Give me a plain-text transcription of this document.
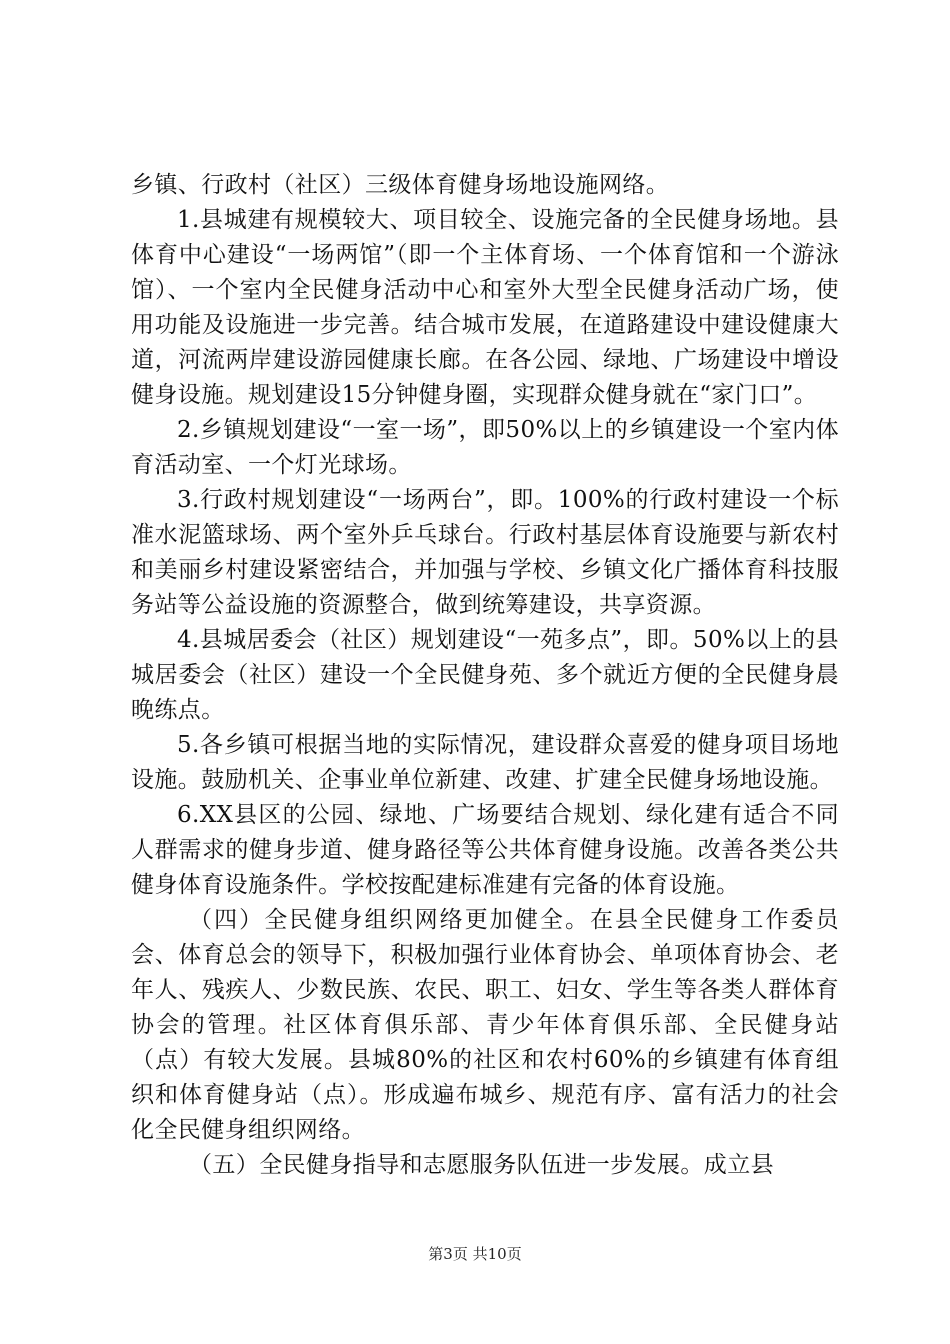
乡镇、行政村（社区）三级体育健身场地设施网络。

1.县城建有规模较大、项目较全、设施完备的全民健身场地。县体育中心建设“一场两馆”（即一个主体育场、一个体育馆和一个游泳馆）、一个室内全民健身活动中心和室外大型全民健身活动广场，使用功能及设施进一步完善。结合城市发展，在道路建设中建设健康大道，河流两岸建设游园健康长廊。在各公园、绿地、广场建设中增设健身设施。规划建设15分钟健身圈，实现群众健身就在“家门口”。

2.乡镇规划建设“一室一场”，即50%以上的乡镇建设一个室内体育活动室、一个灯光球场。

3.行政村规划建设“一场两台”，即。100%的行政村建设一个标准水泥篮球场、两个室外乒乓球台。行政村基层体育设施要与新农村和美丽乡村建设紧密结合，并加强与学校、乡镇文化广播体育科技服务站等公益设施的资源整合，做到统筹建设，共享资源。

4.县城居委会（社区）规划建设“一苑多点”，即。50%以上的县城居委会（社区）建设一个全民健身苑、多个就近方便的全民健身晨晚练点。

5.各乡镇可根据当地的实际情况，建设群众喜爱的健身项目场地设施。鼓励机关、企事业单位新建、改建、扩建全民健身场地设施。

6.XX县区的公园、绿地、广场要结合规划、绿化建有适合不同人群需求的健身步道、健身路径等公共体育健身设施。改善各类公共健身体育设施条件。学校按配建标准建有完备的体育设施。

（四）全民健身组织网络更加健全。在县全民健身工作委员会、体育总会的领导下，积极加强行业体育协会、单项体育协会、老年人、残疾人、少数民族、农民、职工、妇女、学生等各类人群体育协会的管理。社区体育俱乐部、青少年体育俱乐部、全民健身站（点）有较大发展。县城80%的社区和农村60%的乡镇建有体育组织和体育健身站（点）。形成遍布城乡、规范有序、富有活力的社会化全民健身组织网络。

（五）全民健身指导和志愿服务队伍进一步发展。成立县

第3页 共10页
